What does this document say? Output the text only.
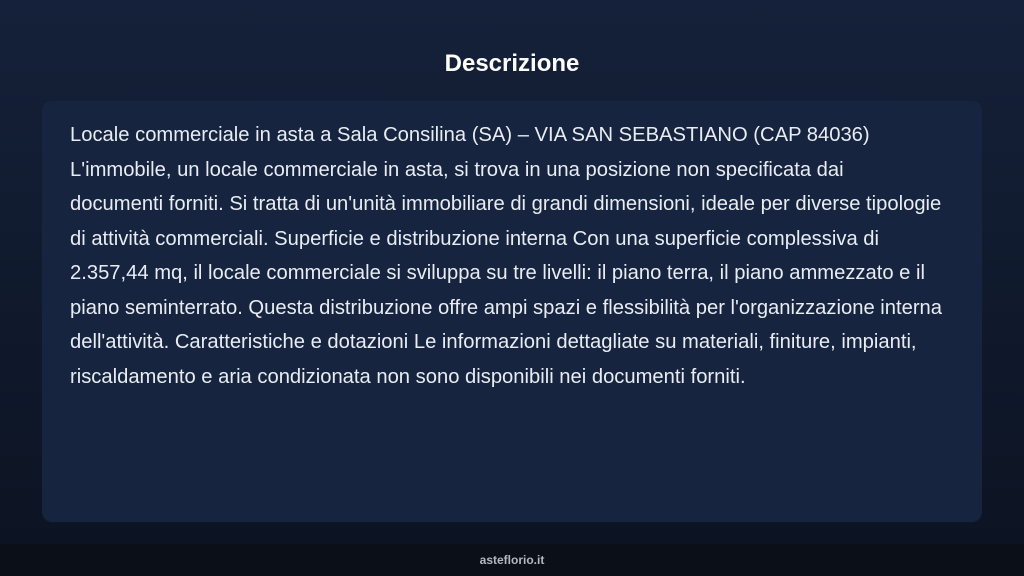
Descrizione

Locale commerciale in asta a Sala Consilina (SA) – VIA SAN SEBASTIANO (CAP 84036) L'immobile, un locale commerciale in asta, si trova in una posizione non specificata dai documenti forniti. Si tratta di un'unità immobiliare di grandi dimensioni, ideale per diverse tipologie di attività commerciali. Superficie e distribuzione interna Con una superficie complessiva di 2.357,44 mq, il locale commerciale si sviluppa su tre livelli: il piano terra, il piano ammezzato e il piano seminterrato. Questa distribuzione offre ampi spazi e flessibilità per l'organizzazione interna dell'attività. Caratteristiche e dotazioni Le informazioni dettagliate su materiali, finiture, impianti, riscaldamento e aria condizionata non sono disponibili nei documenti forniti.

asteflorio.it
